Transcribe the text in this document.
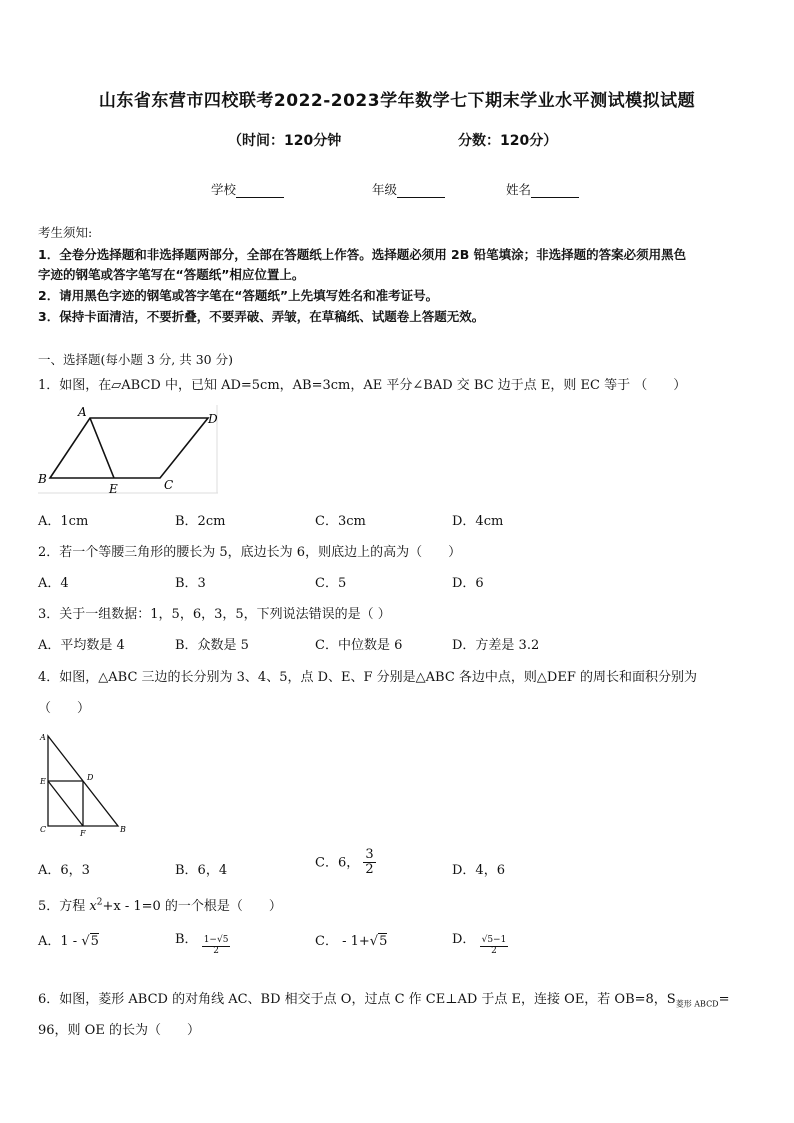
山东省东营市四校联考2022-2023学年数学七下期末学业水平测试模拟试题
（时间：120分钟	分数：120分）
学校	年级	姓名
考生须知:
1．全卷分选择题和非选择题两部分，全部在答题纸上作答。选择题必须用 2B 铅笔填涂；非选择题的答案必须用黑色
字迹的钢笔或答字笔写在“答题纸”相应位置上。
2．请用黑色字迹的钢笔或答字笔在“答题纸”上先填写姓名和准考证号。
3．保持卡面清洁，不要折叠，不要弄破、弄皱，在草稿纸、试题卷上答题无效。
一、选择题(每小题 3 分, 共 30 分)
1．如图，在▱ABCD 中，已知 AD=5cm，AB=3cm，AE 平分∠BAD 交 BC 边于点 E，则 EC 等于 （　　）
A	D
B
E	C
A．1cm	B．2cm	C．3cm	D．4cm
2．若一个等腰三角形的腰长为 5，底边长为 6，则底边上的高为（　　）
A．4	B．3	C．5	D．6
3．关于一组数据：1，5，6，3，5，下列说法错误的是（ ）
A．平均数是 4	B．众数是 5	C．中位数是 6	D．方差是 3.2
4．如图，△ABC 三边的长分别为 3、4、5，点 D、E、F 分别是△ABC 各边中点，则△DEF 的周长和面积分别为
（　　）
A
E	D
C	F	B
A．6，3	B．6，4
C．6， $\frac{3}{2}$	D．4，6
5．方程 $x^2+x - 1=0$ 的一个根是（　　）
A．1 - √5	B． $\frac{1-√5}{2}$	C． - 1+√5	D． $\frac{√5-1}{2}$
6．如图，菱形 ABCD 的对角线 AC、BD 相交于点 O，过点 C 作 CE⊥AD 于点 E，连接 OE，若 OB=8，$S_{菱形 ABCD}=$
96，则 OE 的长为（　　）
